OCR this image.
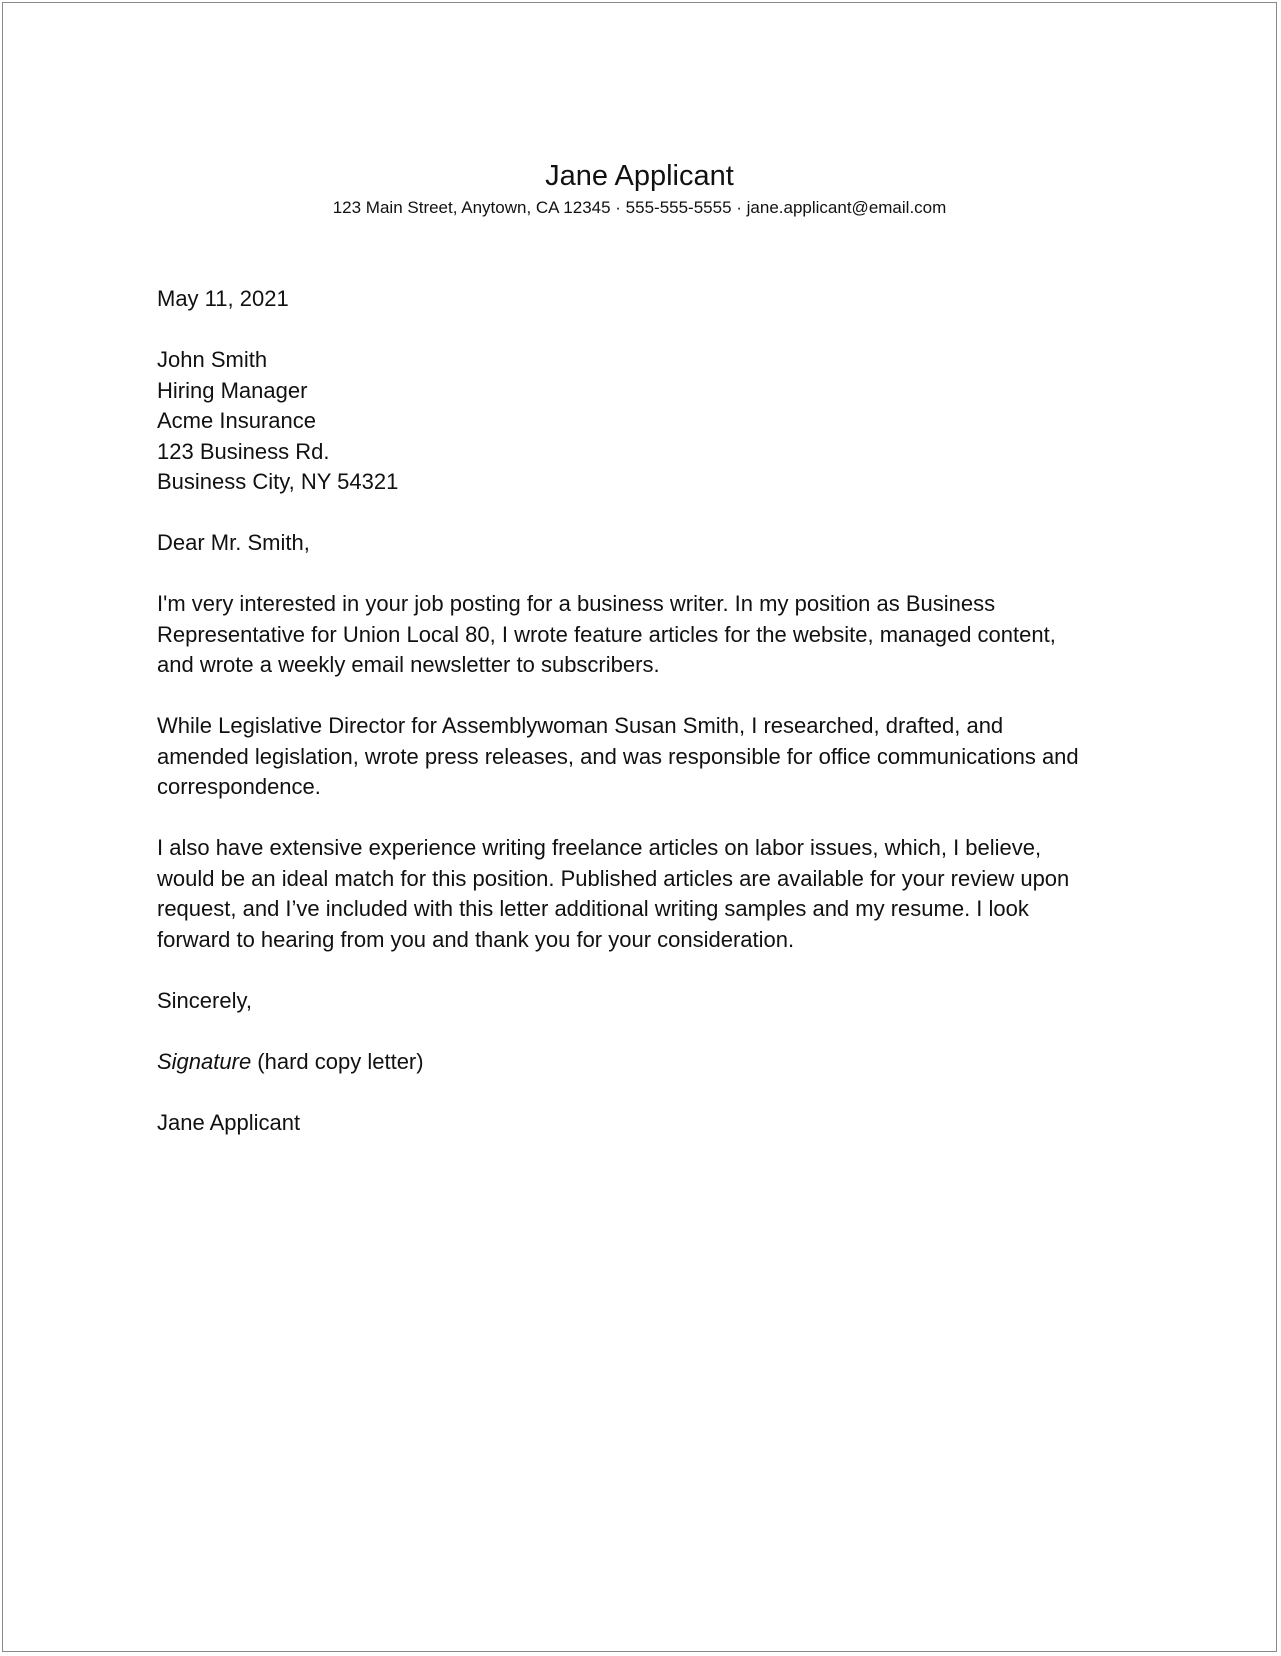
Jane Applicant
123 Main Street, Anytown, CA 12345 · 555-555-5555 · jane.applicant@email.com
May 11, 2021
John Smith
Hiring Manager
Acme Insurance
123 Business Rd.
Business City, NY 54321
Dear Mr. Smith,
I'm very interested in your job posting for a business writer. In my position as Business
Representative for Union Local 80, I wrote feature articles for the website, managed content,
and wrote a weekly email newsletter to subscribers.
While Legislative Director for Assemblywoman Susan Smith, I researched, drafted, and
amended legislation, wrote press releases, and was responsible for office communications and
correspondence.
I also have extensive experience writing freelance articles on labor issues, which, I believe,
would be an ideal match for this position. Published articles are available for your review upon
request, and I’ve included with this letter additional writing samples and my resume. I look
forward to hearing from you and thank you for your consideration.
Sincerely,
Signature (hard copy letter)
Jane Applicant
